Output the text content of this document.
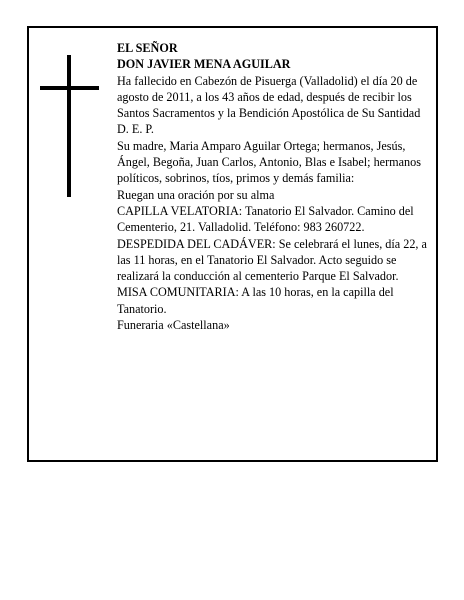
EL SEÑOR

DON JAVIER MENA AGUILAR

Ha fallecido en Cabezón de Pisuerga (Valladolid) el día 20 de agosto de 2011, a los 43 años de edad, después de recibir los Santos Sacramentos y la Bendición Apostólica de Su Santidad

D. E. P.

Su madre, Maria Amparo Aguilar Ortega; hermanos, Jesús, Ángel, Begoña, Juan Carlos, Antonio, Blas e Isabel; hermanos políticos, sobrinos, tíos, primos y demás familia:

Ruegan una oración por su alma

CAPILLA VELATORIA: Tanatorio El Salvador. Camino del Cementerio, 21. Valladolid. Teléfono: 983 260722.

DESPEDIDA DEL CADÁVER: Se celebrará el lunes, día 22, a las 11 horas, en el Tanatorio El Salvador. Acto seguido se realizará la conducción al cementerio Parque El Salvador.

MISA COMUNITARIA: A las 10 horas, en la capilla del Tanatorio.

Funeraria «Castellana»
